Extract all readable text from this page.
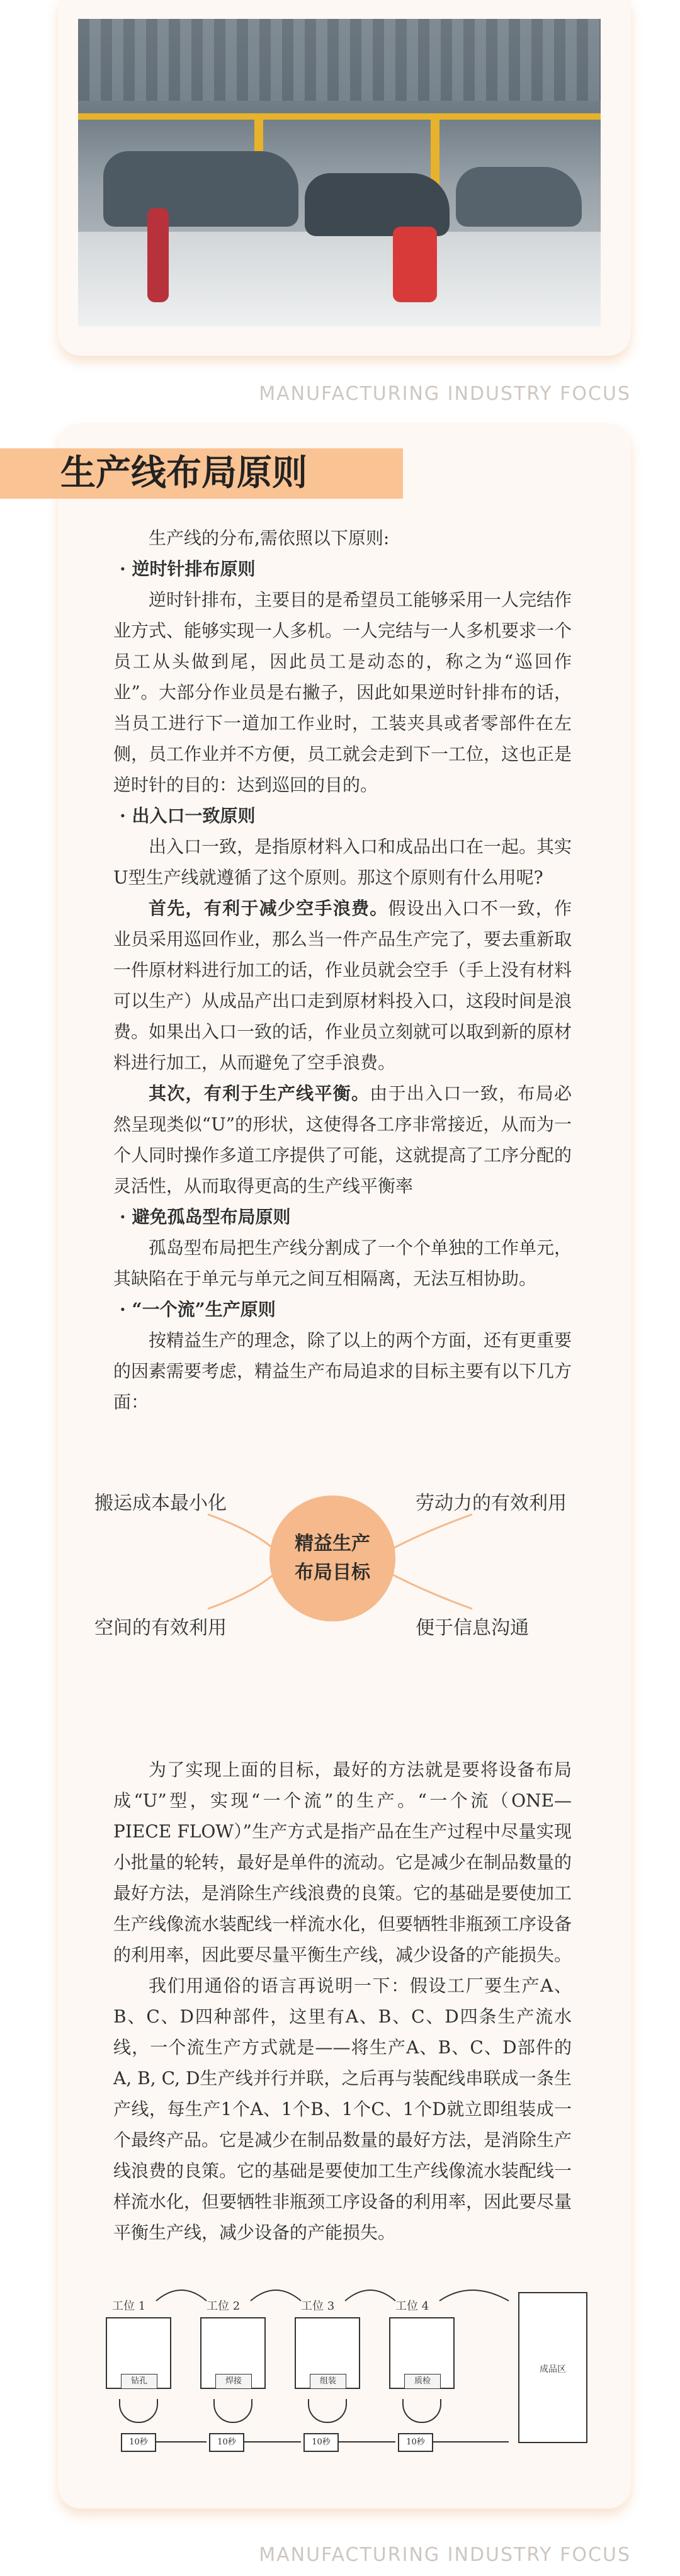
MANUFACTURING INDUSTRY FOCUS
生产线布局原则

生产线的分布,需依照以下原则:

· 逆时针排布原则

逆时针排布，主要目的是希望员工能够采用一人完结作业方式、能够实现一人多机。一人完结与一人多机要求一个员工从头做到尾，因此员工是动态的，称之为“巡回作业”。大部分作业员是右撇子，因此如果逆时针排布的话，当员工进行下一道加工作业时，工装夹具或者零部件在左侧，员工作业并不方便，员工就会走到下一工位，这也正是逆时针的目的：达到巡回的目的。

· 出入口一致原则

出入口一致，是指原材料入口和成品出口在一起。其实U型生产线就遵循了这个原则。那这个原则有什么用呢?

首先，有利于减少空手浪费。假设出入口不一致，作业员采用巡回作业，那么当一件产品生产完了，要去重新取一件原材料进行加工的话，作业员就会空手（手上没有材料可以生产）从成品产出口走到原材料投入口，这段时间是浪费。如果出入口一致的话，作业员立刻就可以取到新的原材料进行加工，从而避免了空手浪费。

其次，有利于生产线平衡。由于出入口一致，布局必然呈现类似“U”的形状，这使得各工序非常接近，从而为一个人同时操作多道工序提供了可能，这就提高了工序分配的灵活性，从而取得更高的生产线平衡率

· 避免孤岛型布局原则

孤岛型布局把生产线分割成了一个个单独的工作单元，其缺陷在于单元与单元之间互相隔离，无法互相协助。

· “一个流”生产原则

按精益生产的理念，除了以上的两个方面，还有更重要的因素需要考虑，精益生产布局追求的目标主要有以下几方面：

精益生产
布局目标
搬运成本最小化	劳动力的有效利用
空间的有效利用	便于信息沟通

为了实现上面的目标，最好的方法就是要将设备布局成“U”型，实现“一个流”的生产。“一个流（ONE—PIECE FLOW）”生产方式是指产品在生产过程中尽量实现小批量的轮转，最好是单件的流动。它是减少在制品数量的最好方法，是消除生产线浪费的良策。它的基础是要使加工生产线像流水装配线一样流水化，但要牺牲非瓶颈工序设备的利用率，因此要尽量平衡生产线，减少设备的产能损失。

我们用通俗的语言再说明一下：假设工厂要生产A、B、C、D四种部件，这里有A、B、C、D四条生产流水线，一个流生产方式就是——将生产A、B、C、D部件的A, B, C, D生产线并行并联，之后再与装配线串联成一条生产线，每生产1个A、1个B、1个C、1个D就立即组装成一个最终产品。它是减少在制品数量的最好方法，是消除生产线浪费的良策。它的基础是要使加工生产线像流水装配线一样流水化，但要牺牲非瓶颈工序设备的利用率，因此要尽量平衡生产线，减少设备的产能损失。

工位 1	工位 2	工位 3	工位 4
钻孔	焊接	组装	质检
10秒	10秒	10秒	10秒
成品区
MANUFACTURING INDUSTRY FOCUS
